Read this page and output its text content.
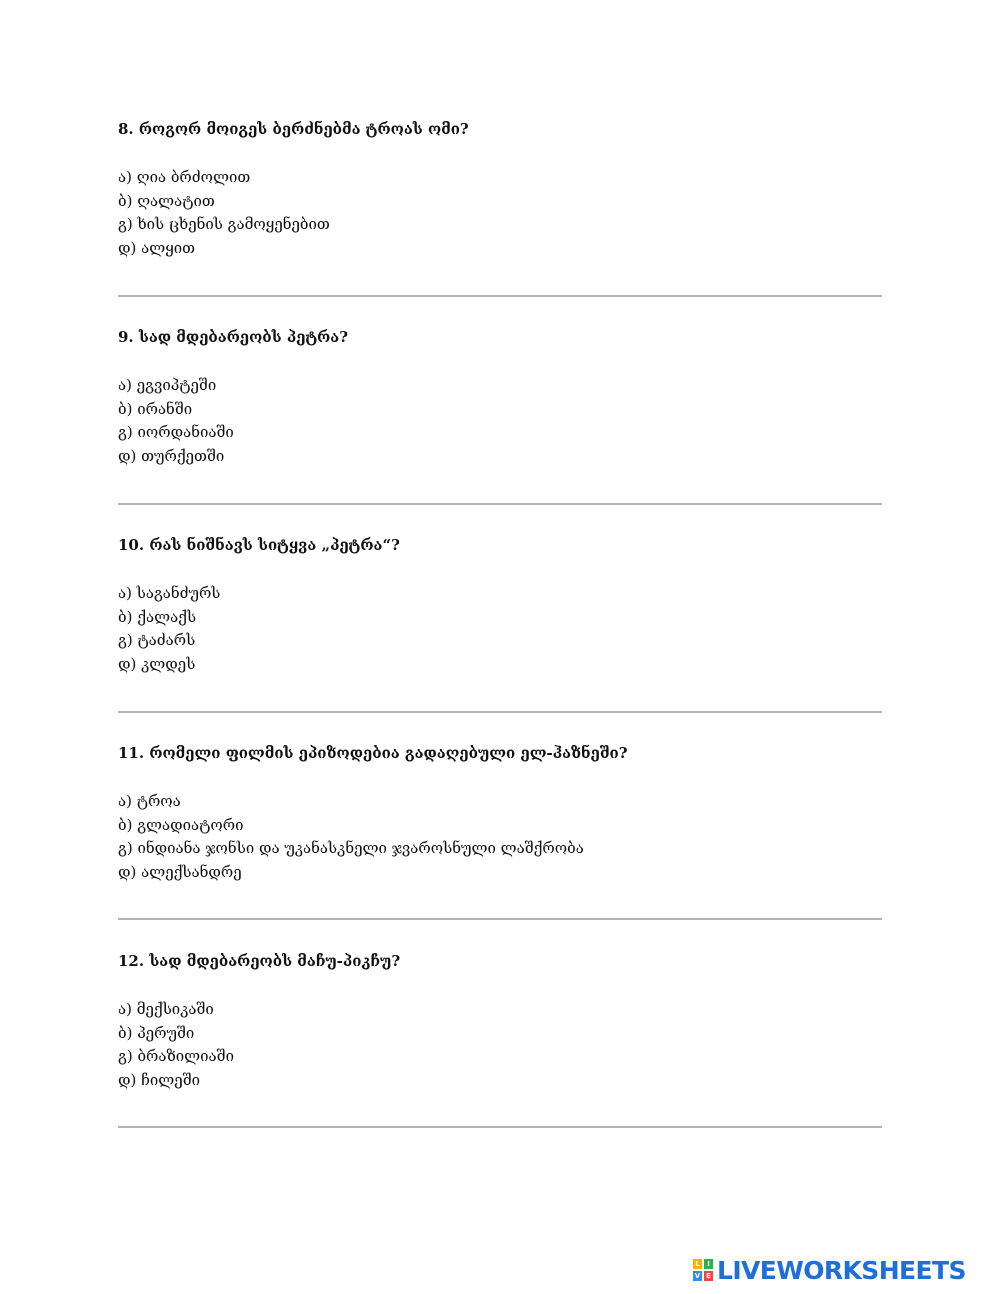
8. როგორ მოიგეს ბერძნებმა ტროას ომი?

ა) ღია ბრძოლით
ბ) ღალატით
გ) ხის ცხენის გამოყენებით
დ) ალყით

9. სად მდებარეობს პეტრა?

ა) ეგვიპტეში
ბ) ირანში
გ) იორდანიაში
დ) თურქეთში

10. რას ნიშნავს სიტყვა „პეტრა“?

ა) საგანძურს
ბ) ქალაქს
გ) ტაძარს
დ) კლდეს

11. რომელი ფილმის ეპიზოდებია გადაღებული ელ-ჰაზნეში?

ა) ტროა
ბ) გლადიატორი
გ) ინდიანა ჯონსი და უკანასკნელი ჯვაროსნული ლაშქრობა
დ) ალექსანდრე

12. სად მდებარეობს მაჩუ-პიკჩუ?

ა) მექსიკაში
ბ) პერუში
გ) ბრაზილიაში
დ) ჩილეში
L	I
V E LIVEWORKSHEETS
